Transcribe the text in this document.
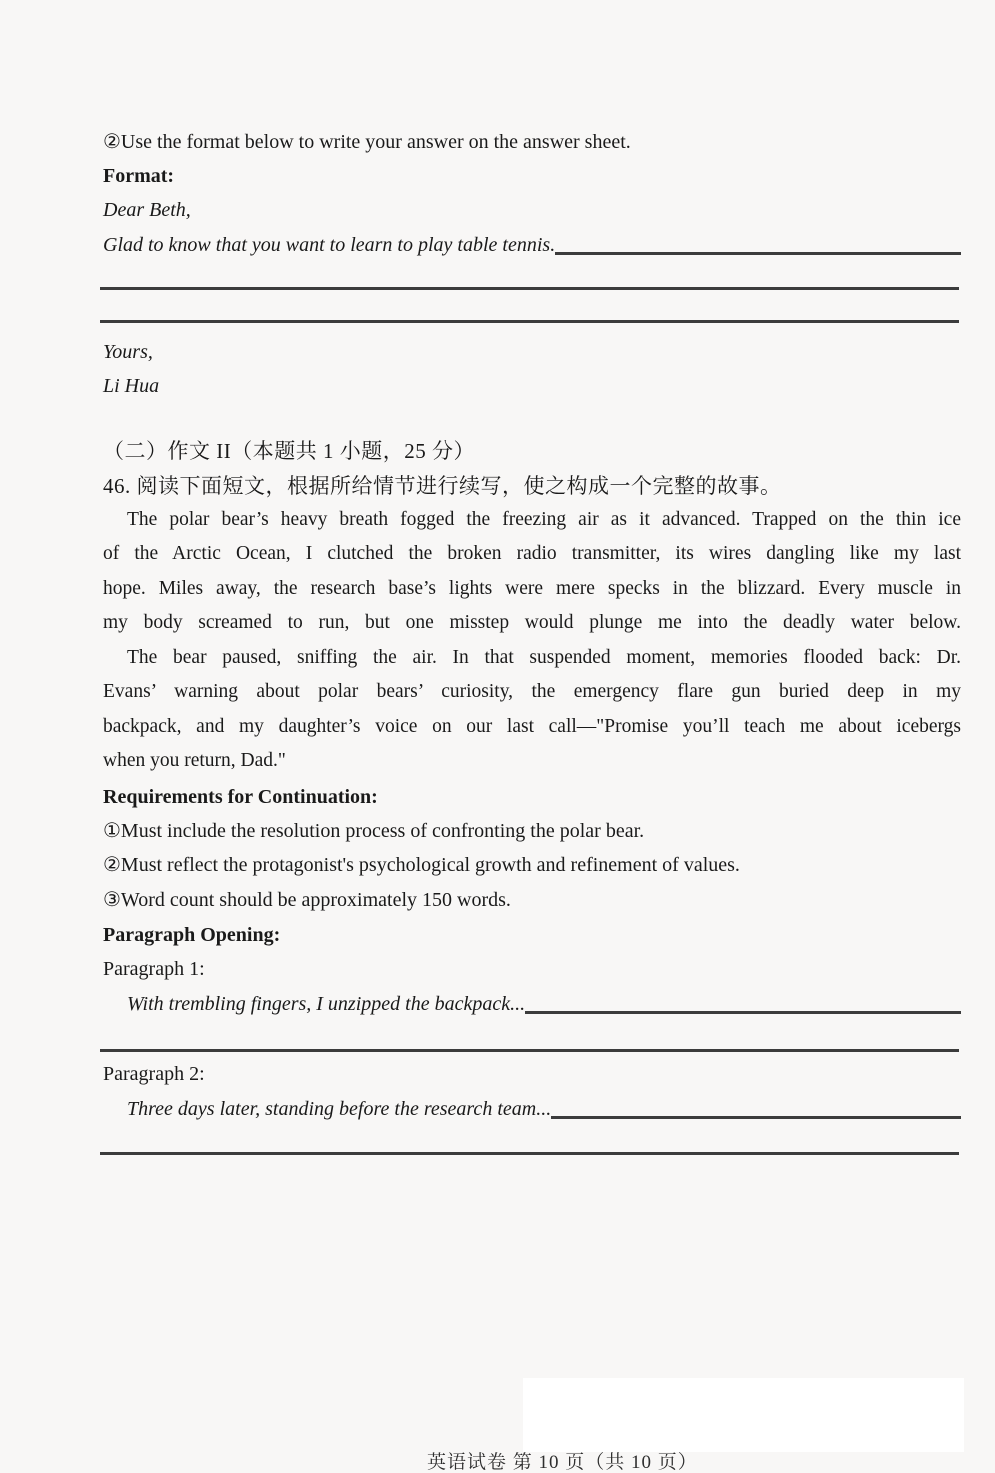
②Use the format below to write your answer on the answer sheet.
Format:
Dear Beth,
Glad to know that you want to learn to play table tennis.
Yours,
Li Hua
（二）作文 II（本题共 1 小题，25 分）
46. 阅读下面短文，根据所给情节进行续写，使之构成一个完整的故事。
The polar bear’s heavy breath fogged the freezing air as it advanced. Trapped on the thin ice
of the Arctic Ocean, I clutched the broken radio transmitter, its wires dangling like my last
hope. Miles away, the research base’s lights were mere specks in the blizzard. Every muscle in
my body screamed to run, but one misstep would plunge me into the deadly water below.
The bear paused, sniffing the air. In that suspended moment, memories flooded back: Dr.
Evans’ warning about polar bears’ curiosity, the emergency flare gun buried deep in my
backpack, and my daughter’s voice on our last call—"Promise you’ll teach me about icebergs
when you return, Dad."
Requirements for Continuation:
①Must include the resolution process of confronting the polar bear.
②Must reflect the protagonist's psychological growth and refinement of values.
③Word count should be approximately 150 words.
Paragraph Opening:
Paragraph 1:
With trembling fingers, I unzipped the backpack...
Paragraph 2:
Three days later, standing before the research team...
英语试卷 第 10 页（共 10 页）
